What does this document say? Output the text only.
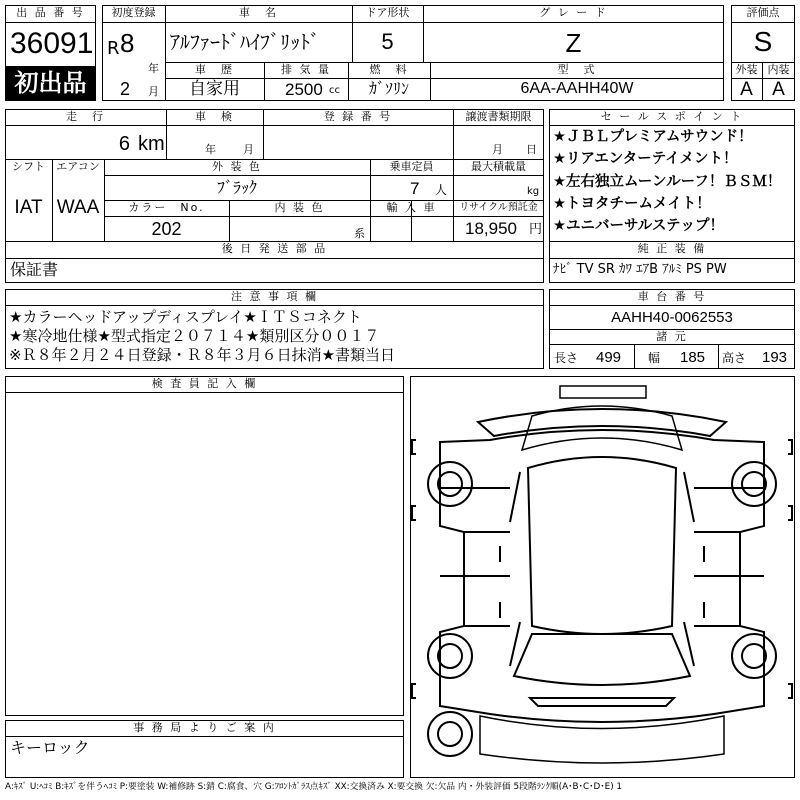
出 品 番 号
36091
初出品
初度登録
R 8
年
2 月
車　名
ｱﾙﾌｧｰﾄﾞﾊｲﾌﾞﾘｯﾄﾞ
ドア形状
5
グ レ ー ド
Z
車　歴
自家用
排 気 量
2500 cc
燃　料
ｶﾞｿﾘﾝ
型　式
6AA-AAHH40W
評価点
S
外装 内装
A	A
走　行
6 km
車　検
年 月
登 録 番 号	譲渡書類期限
月 日
シフト
IAT
エアコン
WAA
外 装 色
ﾌﾞﾗｯｸ
乗車定員
7 人
最大積載量
kg
カラー　No.
202
内 装 色
系
輸 入 車	リサイクル預託金
18,950 円
後 日 発 送 部 品
保証書
セ ー ル ス ポ イ ン ト
★ＪＢＬプレミアムサウンド！
★リアエンターテイメント！
★左右独立ムーンルーフ！ＢＳＭ！
★トヨタチームメイト！
★ユニバーサルステップ！
純 正 装 備
ﾅﾋﾞ TV SR ｶﾜ ｴｱB ｱﾙﾐ PS PW
注 意 事 項 欄
★カラーヘッドアップディスプレイ★ＩＴＳコネクト
★寒冷地仕様★型式指定２０７１４★類別区分００１７
※Ｒ８年２月２４日登録・Ｒ８年３月６日抹消★書類当日
車 台 番 号
AAHH40-0062553
諸 元
長さ 499 幅 185 高さ 193
検 査 員 記 入 欄
事 務 局 よ り ご 案 内
キーロック
A:ｷｽﾞ U:ﾍｺﾐ B:ｷｽﾞを伴うﾍｺﾐ P:要塗装 W:補修跡 S:錆 C:腐食、穴 G:ﾌﾛﾝﾄｶﾞﾗｽ点ｷｽﾞ XX:交換済み X:要交換 欠:欠品 内・外装評価 5段階ﾗﾝｸ順(A･B･C･D･E) 1
